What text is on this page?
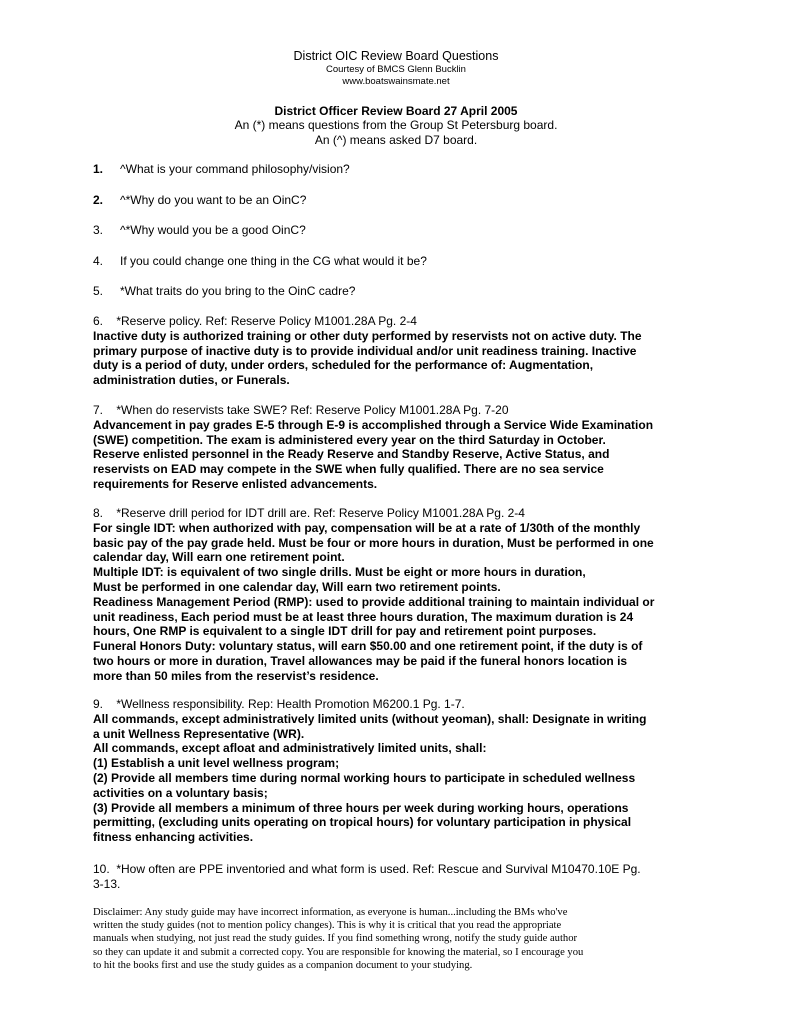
District OIC Review Board Questions
Courtesy of BMCS Glenn Bucklin
www.boatswainsmate.net
District Officer Review Board 27 April 2005
An (*) means questions from the Group St Petersburg board.
An (^) means asked D7 board.
1. ^What is your command philosophy/vision?
2. ^*Why do you want to be an OinC?
3. ^*Why would you be a good OinC?
4. If you could change one thing in the CG what would it be?
5. *What traits do you bring to the OinC cadre?
6.    *Reserve policy. Ref: Reserve Policy M1001.28A Pg. 2-4
Inactive duty is authorized training or other duty performed by reservists not on active duty. The
primary purpose of inactive duty is to provide individual and/or unit readiness training. Inactive
duty is a period of duty, under orders, scheduled for the performance of: Augmentation,
administration duties, or Funerals.
7.    *When do reservists take SWE? Ref: Reserve Policy M1001.28A Pg. 7-20
Advancement in pay grades E-5 through E-9 is accomplished through a Service Wide Examination
(SWE) competition. The exam is administered every year on the third Saturday in October.
Reserve enlisted personnel in the Ready Reserve and Standby Reserve, Active Status, and
reservists on EAD may compete in the SWE when fully qualified. There are no sea service
requirements for Reserve enlisted advancements.
8.    *Reserve drill period for IDT drill are. Ref: Reserve Policy M1001.28A Pg. 2-4
For single IDT: when authorized with pay, compensation will be at a rate of 1/30th of the monthly
basic pay of the pay grade held. Must be four or more hours in duration, Must be performed in one
calendar day, Will earn one retirement point.
Multiple IDT: is equivalent of two single drills. Must be eight or more hours in duration,
Must be performed in one calendar day, Will earn two retirement points.
Readiness Management Period (RMP): used to provide additional training to maintain individual or
unit readiness, Each period must be at least three hours duration, The maximum duration is 24
hours, One RMP is equivalent to a single IDT drill for pay and retirement point purposes.
Funeral Honors Duty: voluntary status, will earn $50.00 and one retirement point, if the duty is of
two hours or more in duration, Travel allowances may be paid if the funeral honors location is
more than 50 miles from the reservist’s residence.
9.    *Wellness responsibility. Rep: Health Promotion M6200.1 Pg. 1-7.
All commands, except administratively limited units (without yeoman), shall: Designate in writing
a unit Wellness Representative (WR).
All commands, except afloat and administratively limited units, shall:
(1) Establish a unit level wellness program;
(2) Provide all members time during normal working hours to participate in scheduled wellness
activities on a voluntary basis;
(3) Provide all members a minimum of three hours per week during working hours, operations
permitting, (excluding units operating on tropical hours) for voluntary participation in physical
fitness enhancing activities.
10.  *How often are PPE inventoried and what form is used. Ref: Rescue and Survival M10470.10E Pg.
3-13.
Disclaimer: Any study guide may have incorrect information, as everyone is human...including the BMs who've
written the study guides (not to mention policy changes). This is why it is critical that you read the appropriate
manuals when studying, not just read the study guides. If you find something wrong, notify the study guide author
so they can update it and submit a corrected copy. You are responsible for knowing the material, so I encourage you
to hit the books first and use the study guides as a companion document to your studying.
